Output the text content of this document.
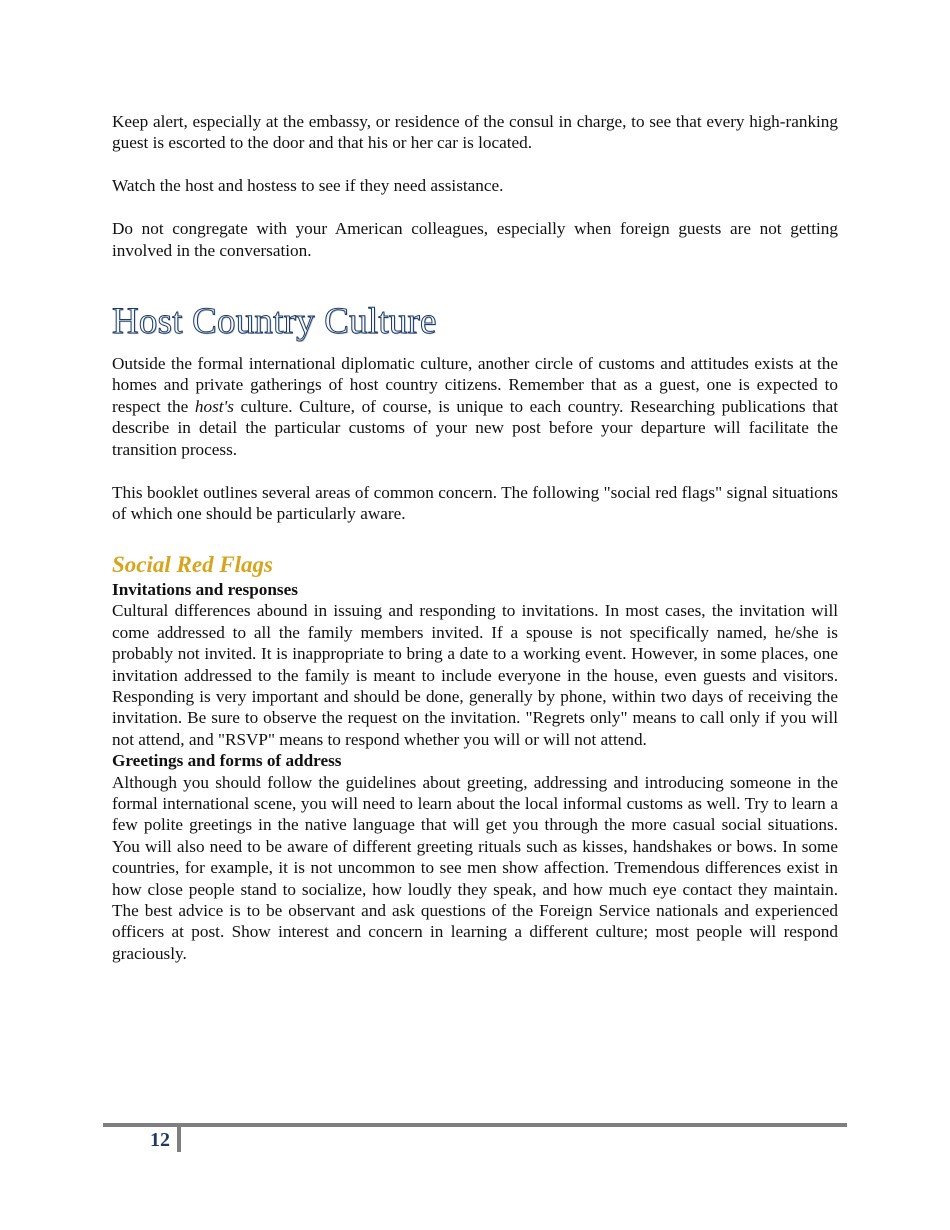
Keep alert, especially at the embassy, or residence of the consul in charge, to see that every high-ranking guest is escorted to the door and that his or her car is located.

Watch the host and hostess to see if they need assistance.

Do not congregate with your American colleagues, especially when foreign guests are not getting involved in the conversation.

Host Country Culture

Outside the formal international diplomatic culture, another circle of customs and attitudes exists at the homes and private gatherings of host country citizens. Remember that as a guest, one is expected to respect the host's culture. Culture, of course, is unique to each country. Researching publications that describe in detail the particular customs of your new post before your departure will facilitate the transition process.

This booklet outlines several areas of common concern. The following "social red flags" signal situations of which one should be particularly aware.

Social Red Flags
Invitations and responses

Cultural differences abound in issuing and responding to invitations. In most cases, the invitation will come addressed to all the family members invited. If a spouse is not specifically named, he/she is probably not invited. It is inappropriate to bring a date to a working event. However, in some places, one invitation addressed to the family is meant to include everyone in the house, even guests and visitors. Responding is very important and should be done, generally by phone, within two days of receiving the invitation. Be sure to observe the request on the invitation. "Regrets only" means to call only if you will not attend, and "RSVP" means to respond whether you will or will not attend.

Greetings and forms of address

Although you should follow the guidelines about greeting, addressing and introducing someone in the formal international scene, you will need to learn about the local informal customs as well. Try to learn a few polite greetings in the native language that will get you through the more casual social situations. You will also need to be aware of different greeting rituals such as kisses, handshakes or bows. In some countries, for example, it is not uncommon to see men show affection. Tremendous differences exist in how close people stand to socialize, how loudly they speak, and how much eye contact they maintain. The best advice is to be observant and ask questions of the Foreign Service nationals and experienced officers at post. Show interest and concern in learning a different culture; most people will respond graciously.

12
